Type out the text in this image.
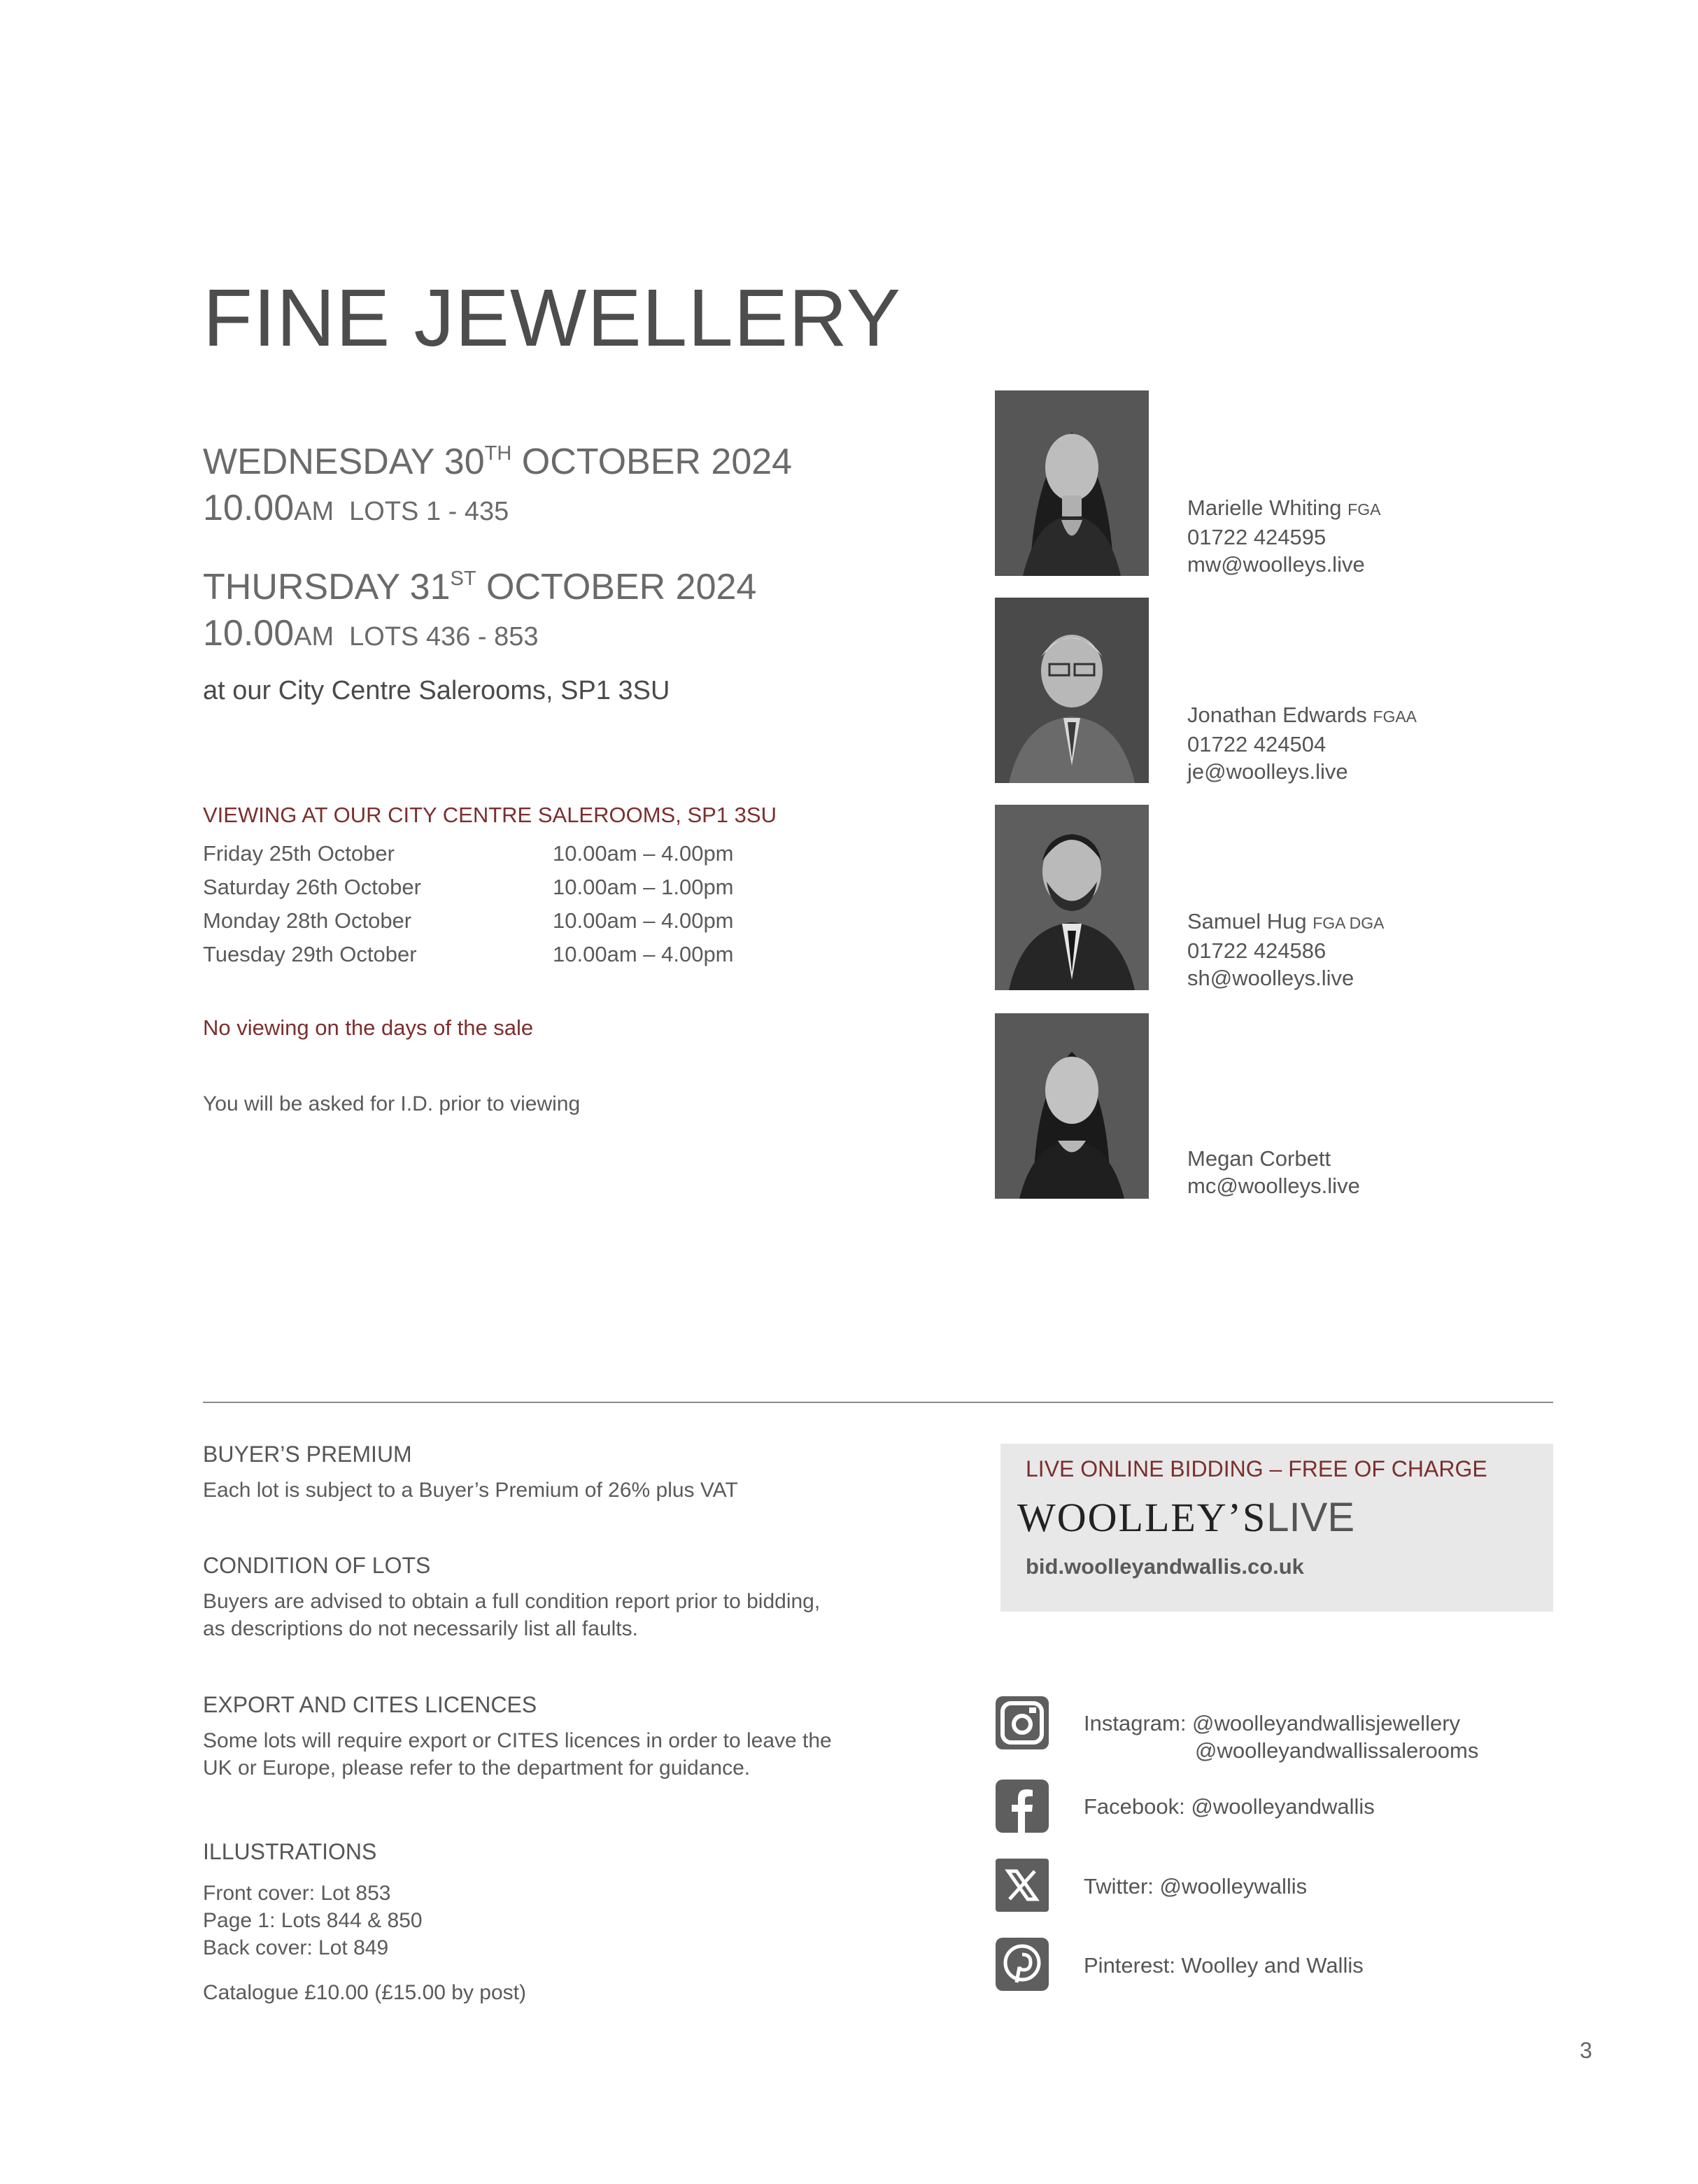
FINE JEWELLERY
WEDNESDAY 30TH OCTOBER 2024
10.00AM LOTS 1 - 435
THURSDAY 31ST OCTOBER 2024
10.00AM LOTS 436 - 853
at our City Centre Salerooms, SP1 3SU
VIEWING AT OUR CITY CENTRE SALEROOMS, SP1 3SU
Friday 25th October	10.00am – 4.00pm
Saturday 26th October	10.00am – 1.00pm
Monday 28th October	10.00am – 4.00pm
Tuesday 29th October	10.00am – 4.00pm
No viewing on the days of the sale
You will be asked for I.D. prior to viewing
Marielle Whiting FGA
01722 424595
mw@woolleys.live
Jonathan Edwards FGAA
01722 424504
je@woolleys.live
Samuel Hug FGA DGA
01722 424586
sh@woolleys.live
Megan Corbett
mc@woolleys.live
BUYER’S PREMIUM
Each lot is subject to a Buyer’s Premium of 26% plus VAT
CONDITION OF LOTS
Buyers are advised to obtain a full condition report prior to bidding,
as descriptions do not necessarily list all faults.
EXPORT AND CITES LICENCES
Some lots will require export or CITES licences in order to leave the
UK or Europe, please refer to the department for guidance.
ILLUSTRATIONS
Front cover: Lot 853
Page 1: Lots 844 & 850
Back cover: Lot 849
Catalogue £10.00 (£15.00 by post)
LIVE ONLINE BIDDING – FREE OF CHARGE
WOOLLEY’SLIVE
bid.woolleyandwallis.co.uk
Instagram: @woolleyandwallisjewellery
@woolleyandwallissalerooms
Facebook: @woolleyandwallis
Twitter: @woolleywallis
Pinterest: Woolley and Wallis
3
